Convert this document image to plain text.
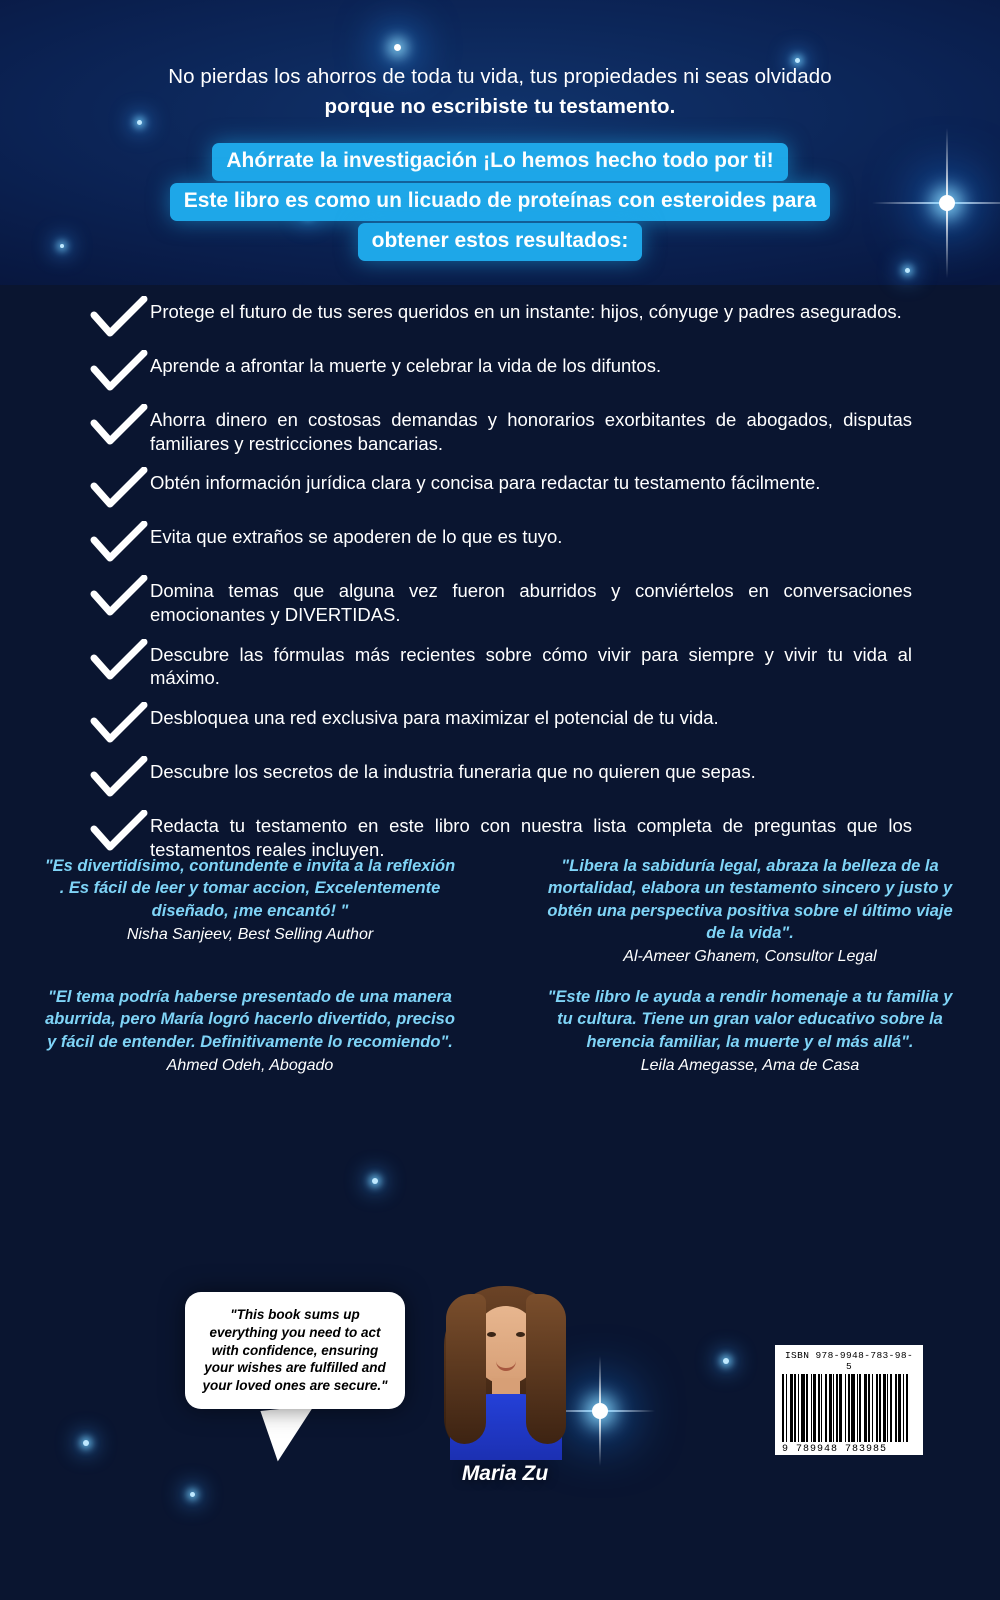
No pierdas los ahorros de toda tu vida, tus propiedades ni seas olvidado
porque no escribiste tu testamento.
Ahórrate la investigación ¡Lo hemos hecho todo por ti!
Este libro es como un licuado de proteínas con esteroides para
obtener estos resultados:
Protege el futuro de tus seres queridos en un instante: hijos, cónyuge y padres asegurados.
Aprende a afrontar la muerte y celebrar la vida de los difuntos.
Ahorra dinero en costosas demandas y honorarios exorbitantes de abogados, disputas familiares y restricciones bancarias.
Obtén información jurídica clara y concisa para redactar tu testamento fácilmente.
Evita que extraños se apoderen de lo que es tuyo.
Domina temas que alguna vez fueron aburridos y conviértelos en conversaciones emocionantes y DIVERTIDAS.
Descubre las fórmulas más recientes sobre cómo vivir para siempre y vivir tu vida al máximo.
Desbloquea una red exclusiva para maximizar el potencial de tu vida.
Descubre los secretos de la industria funeraria que no quieren que sepas.
Redacta tu testamento en este libro con nuestra lista completa de preguntas que los testamentos reales incluyen.
"Es divertidísimo, contundente e invita a la reflexión . Es fácil de leer y tomar accion, Excelentemente diseñado, ¡me encantó! "
Nisha Sanjeev, Best Selling Author
"Libera la sabiduría legal, abraza la belleza de la mortalidad, elabora un testamento sincero y justo y obtén una perspectiva positiva sobre el último viaje de la vida".
Al-Ameer Ghanem, Consultor Legal
"El tema podría haberse presentado de una manera aburrida, pero María logró hacerlo divertido, preciso y fácil de entender. Definitivamente lo recomiendo".
Ahmed Odeh, Abogado
"Este libro le ayuda a rendir homenaje a tu familia y tu cultura. Tiene un gran valor educativo sobre la herencia familiar, la muerte y el más allá".
Leila Amegasse, Ama de Casa
"This book sums up everything you need to act with confidence, ensuring your wishes are fulfilled and your loved ones are secure."
Maria Zu
ISBN 978-9948-783-98-5
9 789948 783985
